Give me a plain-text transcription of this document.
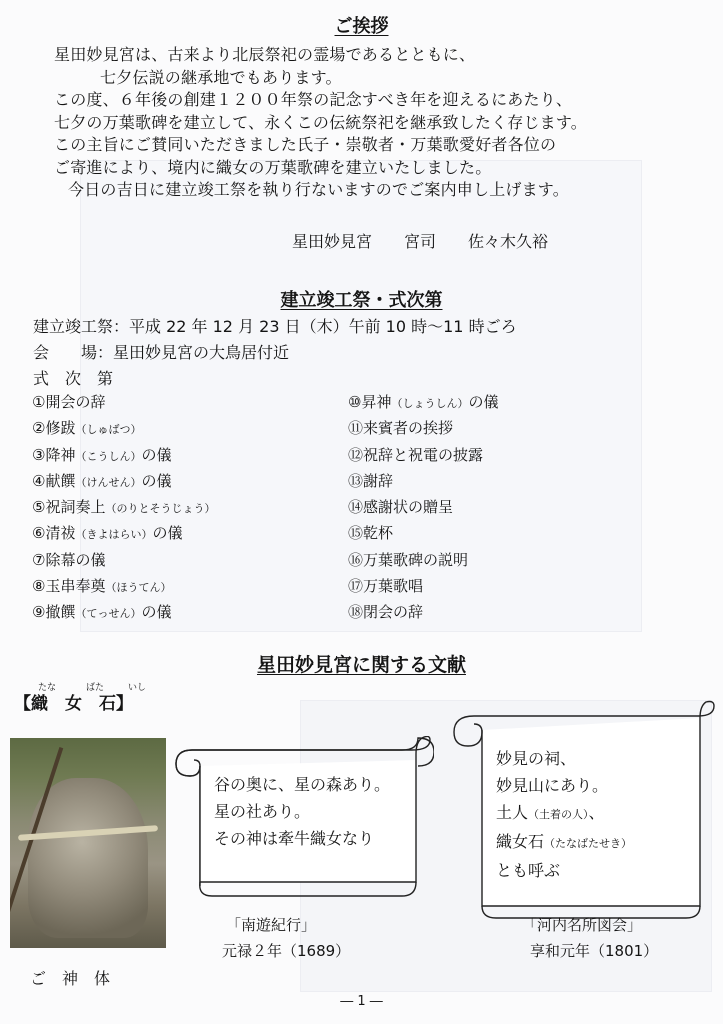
ご挨拶

星田妙見宮は、古来より北辰祭祀の霊場であるとともに、

七夕伝説の継承地でもあります。

この度、６年後の創建１２００年祭の記念すべき年を迎えるにあたり、

七夕の万葉歌碑を建立して、永くこの伝統祭祀を継承致したく存じます。

この主旨にご賛同いただきました氏子・崇敬者・万葉歌愛好者各位の

ご寄進により、境内に織女の万葉歌碑を建立いたしました。

今日の吉日に建立竣工祭を執り行ないますのでご案内申し上げます。

星田妙見宮　　宮司　　佐々木久裕
建立竣工祭・式次第
建立竣工祭：平成 22 年 12 月 23 日（木）午前 10 時～11 時ごろ
会　　場：星田妙見宮の大鳥居付近
式　次　第
①開会の辞
②修跋（しゅばつ）
③降神（こうしん）の儀
④献饌（けんせん）の儀
⑤祝詞奏上（のりとそうじょう）
⑥清祓（きよはらい）の儀
⑦除幕の儀
⑧玉串奉奠（ほうてん）
⑨撤饌（てっせん）の儀
⑩昇神（しょうしん）の儀
⑪来賓者の挨拶
⑫祝辞と祝電の披露
⑬謝辞
⑭感謝状の贈呈
⑮乾杯
⑯万葉歌碑の説明
⑰万葉歌唱
⑱閉会の辞
星田妙見宮に関する文献
たな	ばた	いし
【織　女　石】
ご　神　体
谷の奥に、星の森あり。
星の社あり。
その神は牽牛織女なり
「南遊紀行」
元禄２年（1689）
妙見の祠、
妙見山にあり。
土人（土着の人）、
織女石（たなばたせき）
とも呼ぶ
「河内名所図会」
享和元年（1801）
― 1 ―
